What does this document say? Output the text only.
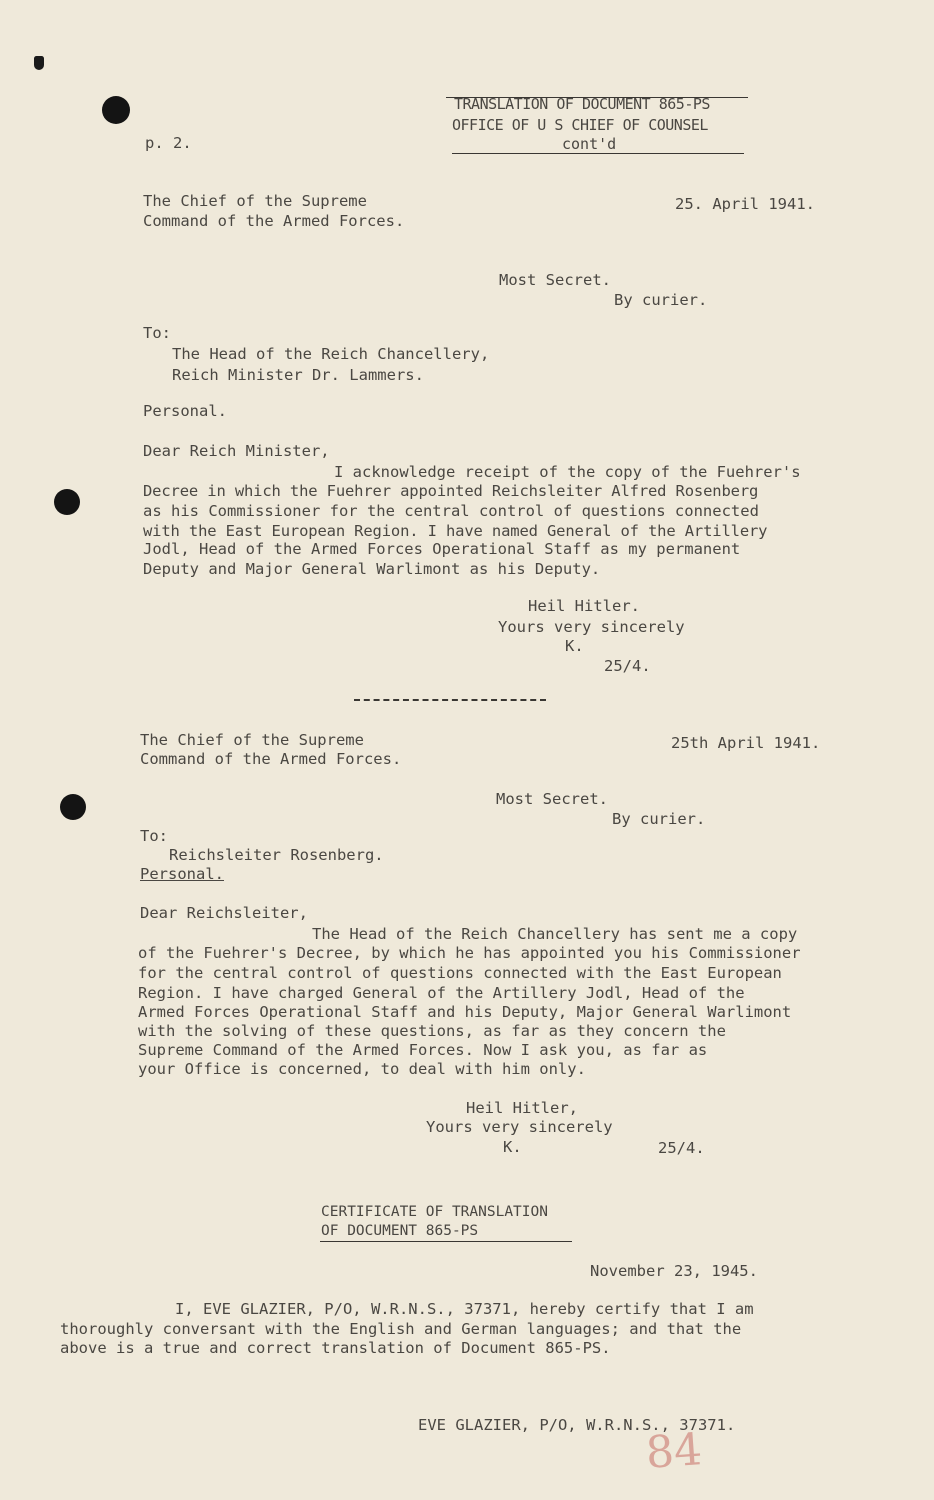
TRANSLATION OF DOCUMENT 865-PS
OFFICE OF U S CHIEF OF COUNSEL
cont'd
p. 2.
The Chief of the Supreme
Command of the Armed Forces.
25. April 1941.
Most Secret.
By curier.
To:
The Head of the Reich Chancellery,
Reich Minister Dr. Lammers.
Personal.
Dear Reich Minister,
I acknowledge receipt of the copy of the Fuehrer's
Decree in which the Fuehrer appointed Reichsleiter Alfred Rosenberg
as his Commissioner for the central control of questions connected
with the East European Region. I have named General of the Artillery
Jodl, Head of the Armed Forces Operational Staff as my permanent
Deputy and Major General Warlimont as his Deputy.
Heil Hitler.
Yours very sincerely
K.
25/4.
The Chief of the Supreme
Command of the Armed Forces.
25th April 1941.
Most Secret.
By curier.
To:
Reichsleiter Rosenberg.
Personal.
Dear Reichsleiter,
The Head of the Reich Chancellery has sent me a copy
of the Fuehrer's Decree, by which he has appointed you his Commissioner
for the central control of questions connected with the East European
Region. I have charged General of the Artillery Jodl, Head of the
Armed Forces Operational Staff and his Deputy, Major General Warlimont
with the solving of these questions, as far as they concern the
Supreme Command of the Armed Forces. Now I ask you, as far as
your Office is concerned, to deal with him only.
Heil Hitler,
Yours very sincerely
K.	25/4.
CERTIFICATE OF TRANSLATION
OF DOCUMENT 865-PS
November 23, 1945.
I, EVE GLAZIER, P/O, W.R.N.S., 37371, hereby certify that I am
thoroughly conversant with the English and German languages; and that the
above is a true and correct translation of Document 865-PS.
EVE GLAZIER, P/O, W.R.N.S., 37371.
84
